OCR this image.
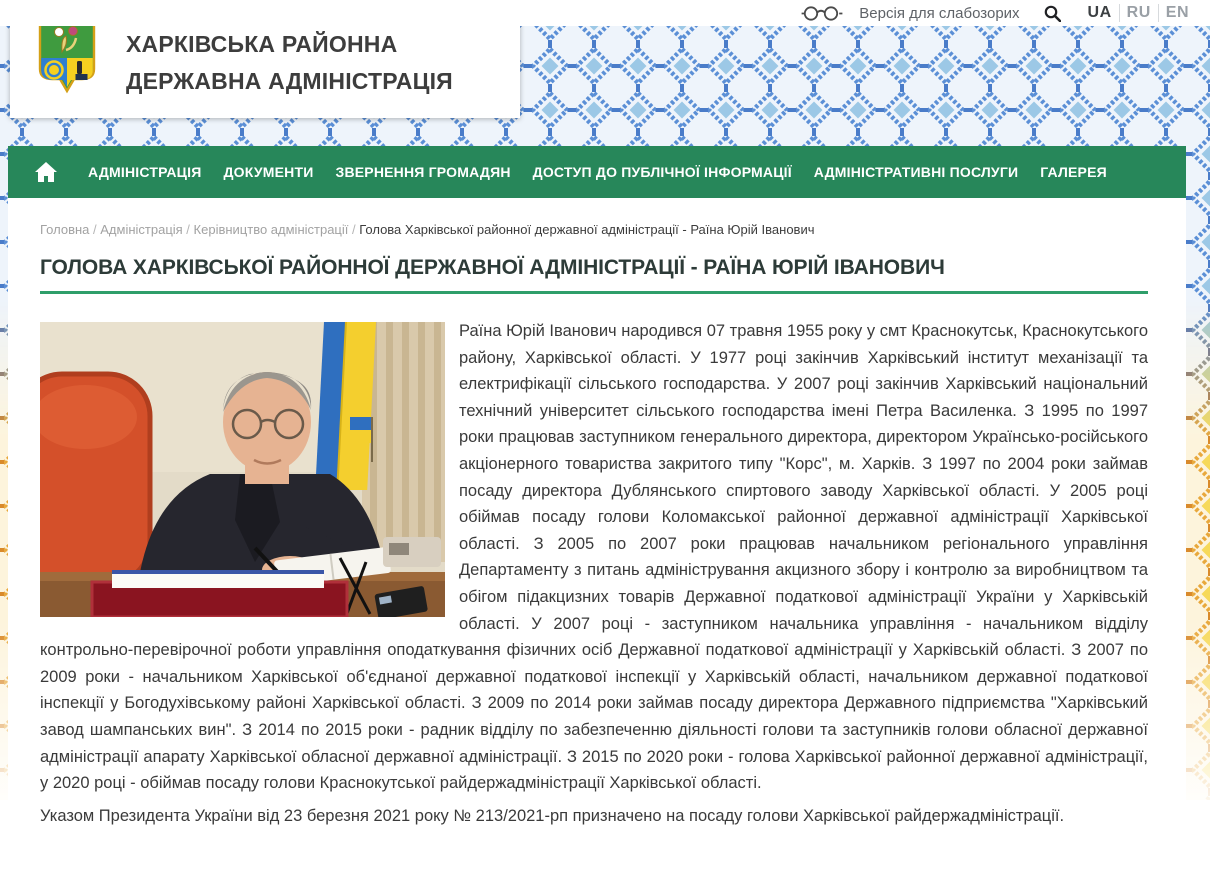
Версія для слабозорих	UA RU EN
ХАРКІВСЬКА РАЙОННА
ДЕРЖАВНА АДМІНІСТРАЦІЯ
АДМІНІСТРАЦІЯ ДОКУМЕНТИ ЗВЕРНЕННЯ ГРОМАДЯН ДОСТУП ДО ПУБЛІЧНОЇ ІНФОРМАЦІЇ АДМІНІСТРАТИВНІ ПОСЛУГИ ГАЛЕРЕЯ
Головна / Адміністрація / Керівництво адміністрації / Голова Харківської районної державної адміністрації - Раїна Юрій Іванович
ГОЛОВА ХАРКІВСЬКОЇ РАЙОННОЇ ДЕРЖАВНОЇ АДМІНІСТРАЦІЇ - РАЇНА ЮРІЙ ІВАНОВИЧ

Раїна Юрій Іванович народився 07 травня 1955 року у смт Краснокутськ, Краснокутського району, Харківської області. У 1977 році закінчив Харківський інститут механізації та електрифікації сільського господарства. У 2007 році закінчив Харківський національний технічний університет сільського господарства імені Петра Василенка. З 1995 по 1997 роки працював заступником генерального директора, директором Українсько-російського акціонерного товариства закритого типу "Корс", м. Харків. З 1997 по 2004 роки займав посаду директора Дублянського спиртового заводу Харківської області. У 2005 році обіймав посаду голови Коломакської районної державної адміністрації Харківської області. З 2005 по 2007 роки працював начальником регіонального управління Департаменту з питань адміністрування акцизного збору і контролю за виробництвом та обігом підакцизних товарів Державної податкової адміністрації України у Харківській області. У 2007 році - заступником начальника управління - начальником відділу контрольно-перевірочної роботи управління оподаткування фізичних осіб Державної податкової адміністрації у Харківській області. З 2007 по 2009 роки - начальником Харківської об'єднаної державної податкової інспекції у Харківській області, начальником державної податкової інспекції у Богодухівському районі Харківської області. З 2009 по 2014 роки займав посаду директора Державного підприємства "Харківський завод шампанських вин". З 2014 по 2015 роки - радник відділу по забезпеченню діяльності голови та заступників голови обласної державної адміністрації апарату Харківської обласної державної адміністрації. З 2015 по 2020 роки - голова Харківської районної державної адміністрації, у 2020 році - обіймав посаду голови Краснокутської райдержадміністрації Харківської області.

Указом Президента України від 23 березня 2021 року № 213/2021-рп призначено на посаду голови Харківської райдержадміністрації.
